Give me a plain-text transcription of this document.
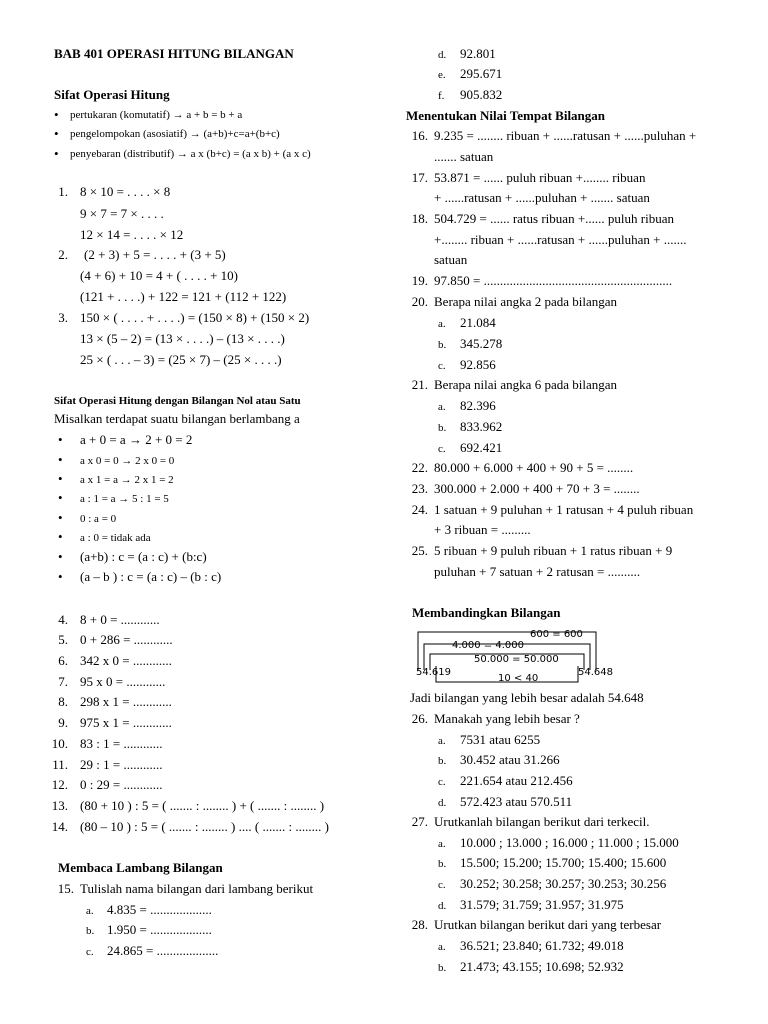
BAB 401 OPERASI HITUNG BILANGAN
Sifat Operasi Hitung
• pertukaran (komutatif) → a + b = b + a
• pengelompokan (asosiatif) → (a+b)+c=a+(b+c)
• penyebaran (distributif) → a x (b+c) = (a x b) + (a x c)
1. 8 × 10 = . . . . × 8
9 × 7 = 7 × . . . .
12 × 14 = . . . . × 12
2. (2 + 3) + 5 = . . . . + (3 + 5)
(4 + 6) + 10 = 4 + ( . . . . + 10)
(121 + . . . .) + 122 = 121 + (112 + 122)
3. 150 × ( . . . . + . . . .) = (150 × 8) + (150 × 2)
13 × (5 – 2) = (13 × . . . .) – (13 × . . . .)
25 × ( . . . – 3) = (25 × 7) – (25 × . . . .)
Sifat Operasi Hitung dengan Bilangan Nol atau Satu
Misalkan terdapat suatu bilangan berlambang a
• a + 0 = a → 2 + 0 = 2
• a x 0 = 0 → 2 x 0 = 0
• a x 1 = a → 2 x 1 = 2
• a : 1 = a → 5 : 1 = 5
• 0 : a = 0
• a : 0 = tidak ada
• (a+b) : c = (a : c) + (b:c)
• (a – b ) : c = (a : c) – (b : c)
4. 8 + 0 = ............
5. 0 + 286 = ............
6. 342 x 0 = ............
7. 95 x 0 = ............
8. 298 x 1 = ............
9. 975 x 1 = ............
10. 83 : 1 = ............
11. 29 : 1 = ............
12. 0 : 29 = ............
13. (80 + 10 ) : 5 = ( ....... : ........ ) + ( ....... : ........ )
14. (80 – 10 ) : 5 = ( ....... : ........ ) .... ( ....... : ........ )
Membaca Lambang Bilangan
15. Tulislah nama bilangan dari lambang berikut
a. 4.835 = ...................
b. 1.950 = ...................
c. 24.865 = ...................
d. 92.801
e. 295.671
f. 905.832
Menentukan Nilai Tempat Bilangan
16. 9.235 = ........ ribuan + ......ratusan + ......puluhan +
....... satuan
17. 53.871 = ...... puluh ribuan +........ ribuan
+ ......ratusan + ......puluhan + ....... satuan
18. 504.729 = ...... ratus ribuan +...... puluh ribuan
+........ ribuan + ......ratusan + ......puluhan + .......
satuan
19. 97.850 = ..........................................................
20. Berapa nilai angka 2 pada bilangan
a. 21.084
b. 345.278
c. 92.856
21. Berapa nilai angka 6 pada bilangan
a. 82.396
b. 833.962
c. 692.421
22. 80.000 + 6.000 + 400 + 90 + 5 = ........
23. 300.000 + 2.000 + 400 + 70 + 3 = ........
24. 1 satuan + 9 puluhan + 1 ratusan + 4 puluh ribuan
+ 3 ribuan = .........
25. 5 ribuan + 9 puluh ribuan + 1 ratus ribuan + 9
puluhan + 7 satuan + 2 ratusan = ..........
Membandingkan Bilangan
600 = 600
4.000 = 4.000
50.000 = 50.000
10 < 40
54.619	54.648
Jadi bilangan yang lebih besar adalah 54.648
26. Manakah yang lebih besar ?
a. 7531 atau 6255
b. 30.452 atau 31.266
c. 221.654 atau 212.456
d. 572.423 atau 570.511
27. Urutkanlah bilangan berikut dari terkecil.
a. 10.000 ; 13.000 ; 16.000 ; 11.000 ; 15.000
b. 15.500; 15.200; 15.700; 15.400; 15.600
c. 30.252; 30.258; 30.257; 30.253; 30.256
d. 31.579; 31.759; 31.957; 31.975
28. Urutkan bilangan berikut dari yang terbesar
a. 36.521; 23.840; 61.732; 49.018
b. 21.473; 43.155; 10.698; 52.932
